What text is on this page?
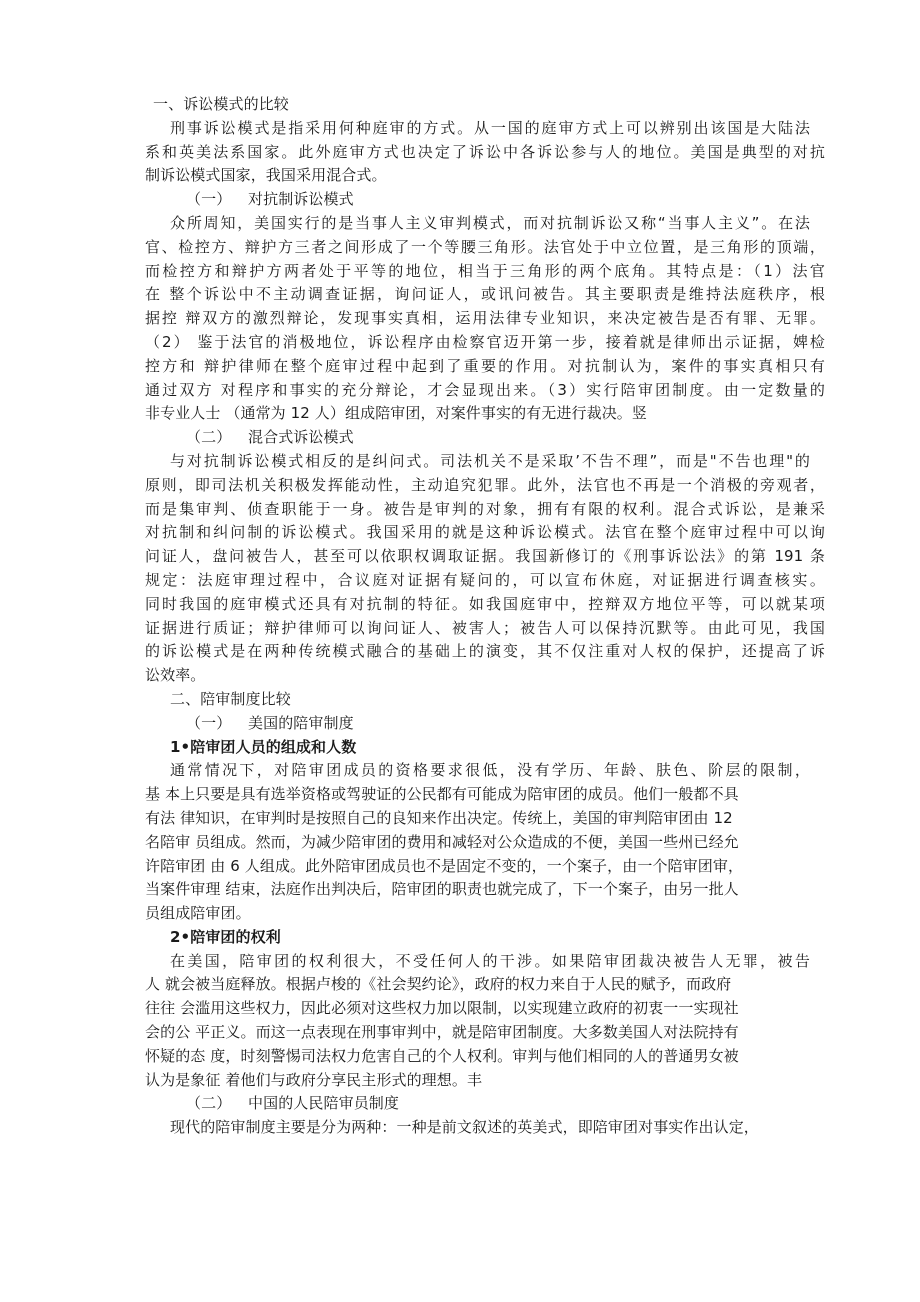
一、诉讼模式的比较
刑事诉讼模式是指采用何种庭审的方式。从一国的庭审方式上可以辨别出该国是大陆法
系和英美法系国家。此外庭审方式也决定了诉讼中各诉讼参与人的地位。美国是典型的对抗
制诉讼模式国家，我国采用混合式。
（一） 对抗制诉讼模式
众所周知，美国实行的是当事人主义审判模式，而对抗制诉讼又称“当事人主义”。在法
官、检控方、辩护方三者之间形成了一个等腰三角形。法官处于中立位置，是三角形的顶端，
而检控方和辩护方两者处于平等的地位，相当于三角形的两个底角。其特点是：（1）法官
在 整个诉讼中不主动调查证据，询问证人，或讯问被告。其主要职责是维持法庭秩序，根
据控 辩双方的激烈辩论，发现事实真相，运用法律专业知识，来决定被告是否有罪、无罪。
（2） 鉴于法官的消极地位，诉讼程序由检察官迈开第一步，接着就是律师出示证据，婢检
控方和 辩护律师在整个庭审过程中起到了重要的作用。对抗制认为，案件的事实真相只有
通过双方 对程序和事实的充分辩论，才会显现出来。（3）实行陪审团制度。由一定数量的
非专业人士 （通常为 12 人）组成陪审团，对案件事实的有无进行裁决。竖
（二） 混合式诉讼模式
与对抗制诉讼模式相反的是纠问式。司法机关不是采取’不告不理”，而是"不告也理"的
原则，即司法机关积极发挥能动性，主动追究犯罪。此外，法官也不再是一个消极的旁观者，
而是集审判、侦查职能于一身。被告是审判的对象，拥有有限的权利。混合式诉讼，是兼采
对抗制和纠问制的诉讼模式。我国采用的就是这种诉讼模式。法官在整个庭审过程中可以询
问证人，盘问被告人，甚至可以依职权调取证据。我国新修订的《刑事诉讼法》的第 191 条
规定：法庭审理过程中，合议庭对证据有疑问的，可以宣布休庭，对证据进行调查核实。
同时我国的庭审模式还具有对抗制的特征。如我国庭审中，控辩双方地位平等，可以就某项
证据进行质证；辩护律师可以询问证人、被害人；被告人可以保持沉默等。由此可见，我国
的诉讼模式是在两种传统模式融合的基础上的演变，其不仅注重对人权的保护，还提高了诉
讼效率。
二、陪审制度比较
（一） 美国的陪审制度
1•陪审团人员的组成和人数
通常情况下，对陪审团成员的资格要求很低，没有学历、年龄、肤色、阶层的限制，
基 本上只要是具有选举资格或驾驶证的公民都有可能成为陪审团的成员。他们一般都不具
有法 律知识，在审判时是按照自己的良知来作出决定。传统上，美国的审判陪审团由 12
名陪审 员组成。然而，为减少陪审团的费用和减轻对公众造成的不便，美国一些州已经允
许陪审团 由 6 人组成。此外陪审团成员也不是固定不变的，一个案子，由一个陪审团审，
当案件审理 结束，法庭作出判决后，陪审团的职责也就完成了，下一个案子，由另一批人
员组成陪审团。
2•陪审团的权利
在美国，陪审团的权利很大，不受任何人的干涉。如果陪审团裁决被告人无罪，被告
人 就会被当庭释放。根据卢梭的《社会契约论》，政府的权力来自于人民的赋予，而政府
往往 会滥用这些权力，因此必须对这些权力加以限制，以实现建立政府的初衷一一实现社
会的公 平正义。而这一点表现在刑事审判中，就是陪审团制度。大多数美国人对法院持有
怀疑的态 度，时刻警惕司法权力危害自己的个人权利。审判与他们相同的人的普通男女被
认为是象征 着他们与政府分享民主形式的理想。丰
（二） 中国的人民陪审员制度
现代的陪审制度主要是分为两种：一种是前文叙述的英美式，即陪审团对事实作出认定，
